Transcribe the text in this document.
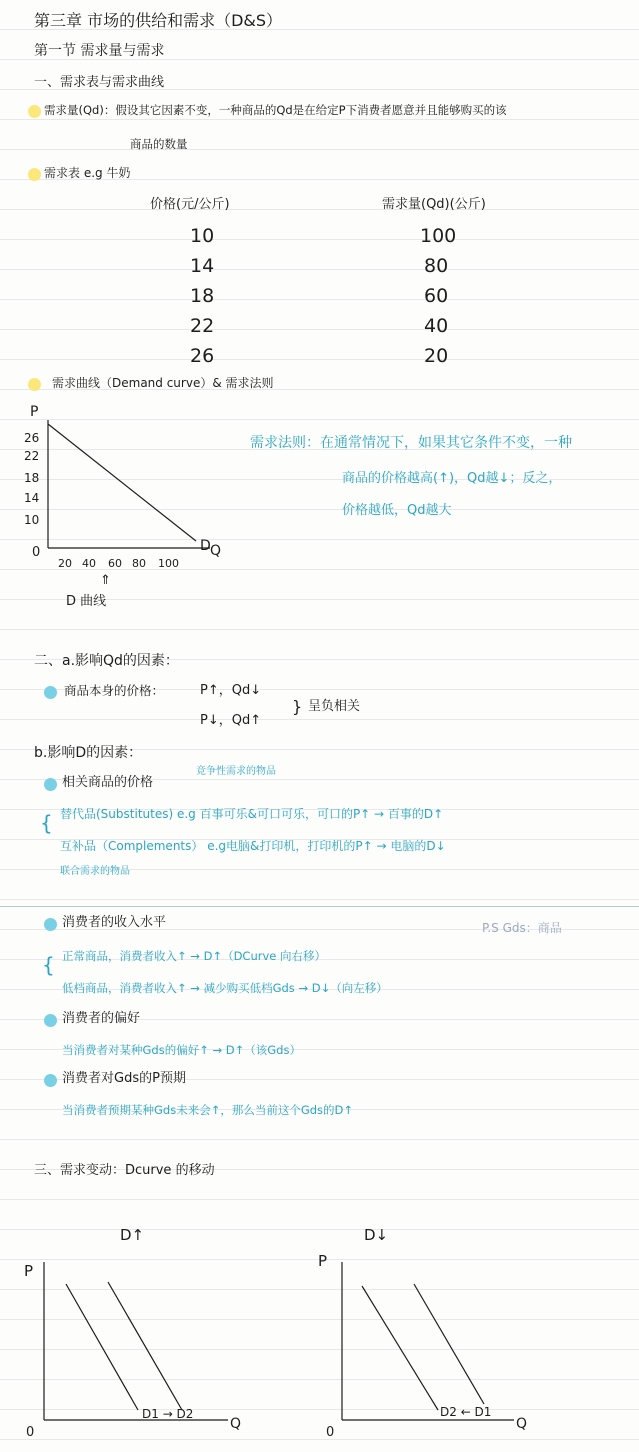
第三章 市场的供给和需求（D&S）
第一节 需求量与需求
一、需求表与需求曲线
需求量(Qd)：假设其它因素不变，一种商品的Qd是在给定P下消费者愿意并且能够购买的该
商品的数量
需求表 e.g 牛奶
价格(元/公斤)	需求量(Qd)(公斤)
10	100
14	80
18	60
22	40
26	20
需求曲线（Demand curve）& 需求法则
P
D Q
0
26
22
18
14
10
20 40 60 80 100
⇑
D 曲线
需求法则：在通常情况下，如果其它条件不变，一种
商品的价格越高(↑)，Qd越↓；反之，
价格越低，Qd越大
二、a.影响Qd的因素：
商品本身的价格：	P↑，Qd↓
P↓，Qd↑
} 呈负相关
b.影响D的因素：
相关商品的价格
竞争性需求的物品
{ 替代品(Substitutes) e.g 百事可乐&可口可乐，可口的P↑ → 百事的D↑
互补品（Complements） e.g电脑&打印机，打印机的P↑ → 电脑的D↓
联合需求的物品
消费者的收入水平	P.S Gds：商品
{ 正常商品，消费者收入↑ → D↑（DCurve 向右移）
低档商品，消费者收入↑ → 减少购买低档Gds → D↓（向左移）
消费者的偏好
当消费者对某种Gds的偏好↑ → D↑（该Gds）
消费者对Gds的P预期
当消费者预期某种Gds未来会↑，那么当前这个Gds的D↑
三、需求变动：Dcurve 的移动
D↑
P
Q
0
D1 → D2
D↓
P
Q
0
D2 ← D1
